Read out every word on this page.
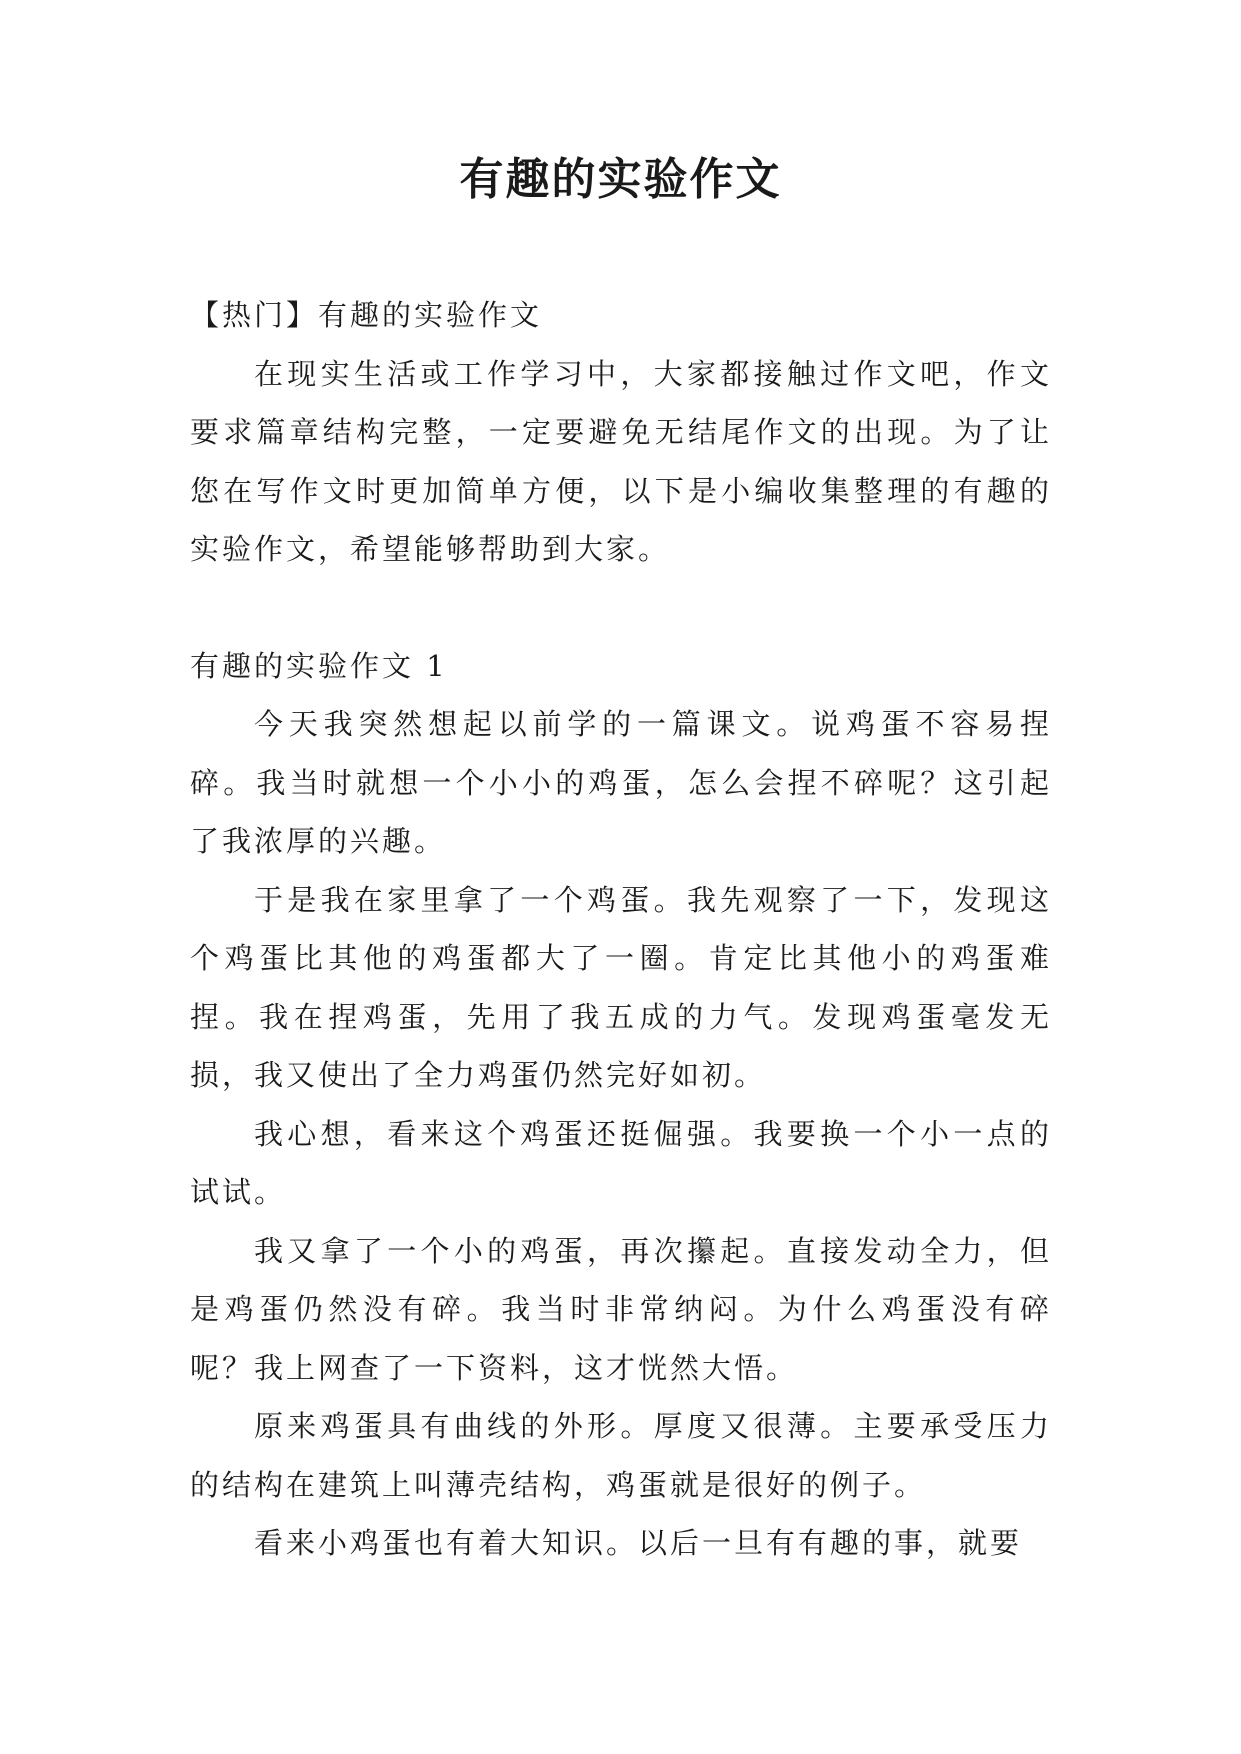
有趣的实验作文

【热门】有趣的实验作文

在现实生活或工作学习中，大家都接触过作文吧，作文要求篇章结构完整，一定要避免无结尾作文的出现。为了让您在写作文时更加简单方便，以下是小编收集整理的有趣的实验作文，希望能够帮助到大家。

有趣的实验作文 1

今天我突然想起以前学的一篇课文。说鸡蛋不容易捏碎。我当时就想一个小小的鸡蛋，怎么会捏不碎呢？这引起了我浓厚的兴趣。

于是我在家里拿了一个鸡蛋。我先观察了一下，发现这个鸡蛋比其他的鸡蛋都大了一圈。肯定比其他小的鸡蛋难捏。我在捏鸡蛋，先用了我五成的力气。发现鸡蛋毫发无损，我又使出了全力鸡蛋仍然完好如初。

我心想，看来这个鸡蛋还挺倔强。我要换一个小一点的试试。

我又拿了一个小的鸡蛋，再次攥起。直接发动全力，但是鸡蛋仍然没有碎。我当时非常纳闷。为什么鸡蛋没有碎呢？我上网查了一下资料，这才恍然大悟。

原来鸡蛋具有曲线的外形。厚度又很薄。主要承受压力的结构在建筑上叫薄壳结构，鸡蛋就是很好的例子。

看来小鸡蛋也有着大知识。以后一旦有有趣的事，就要
